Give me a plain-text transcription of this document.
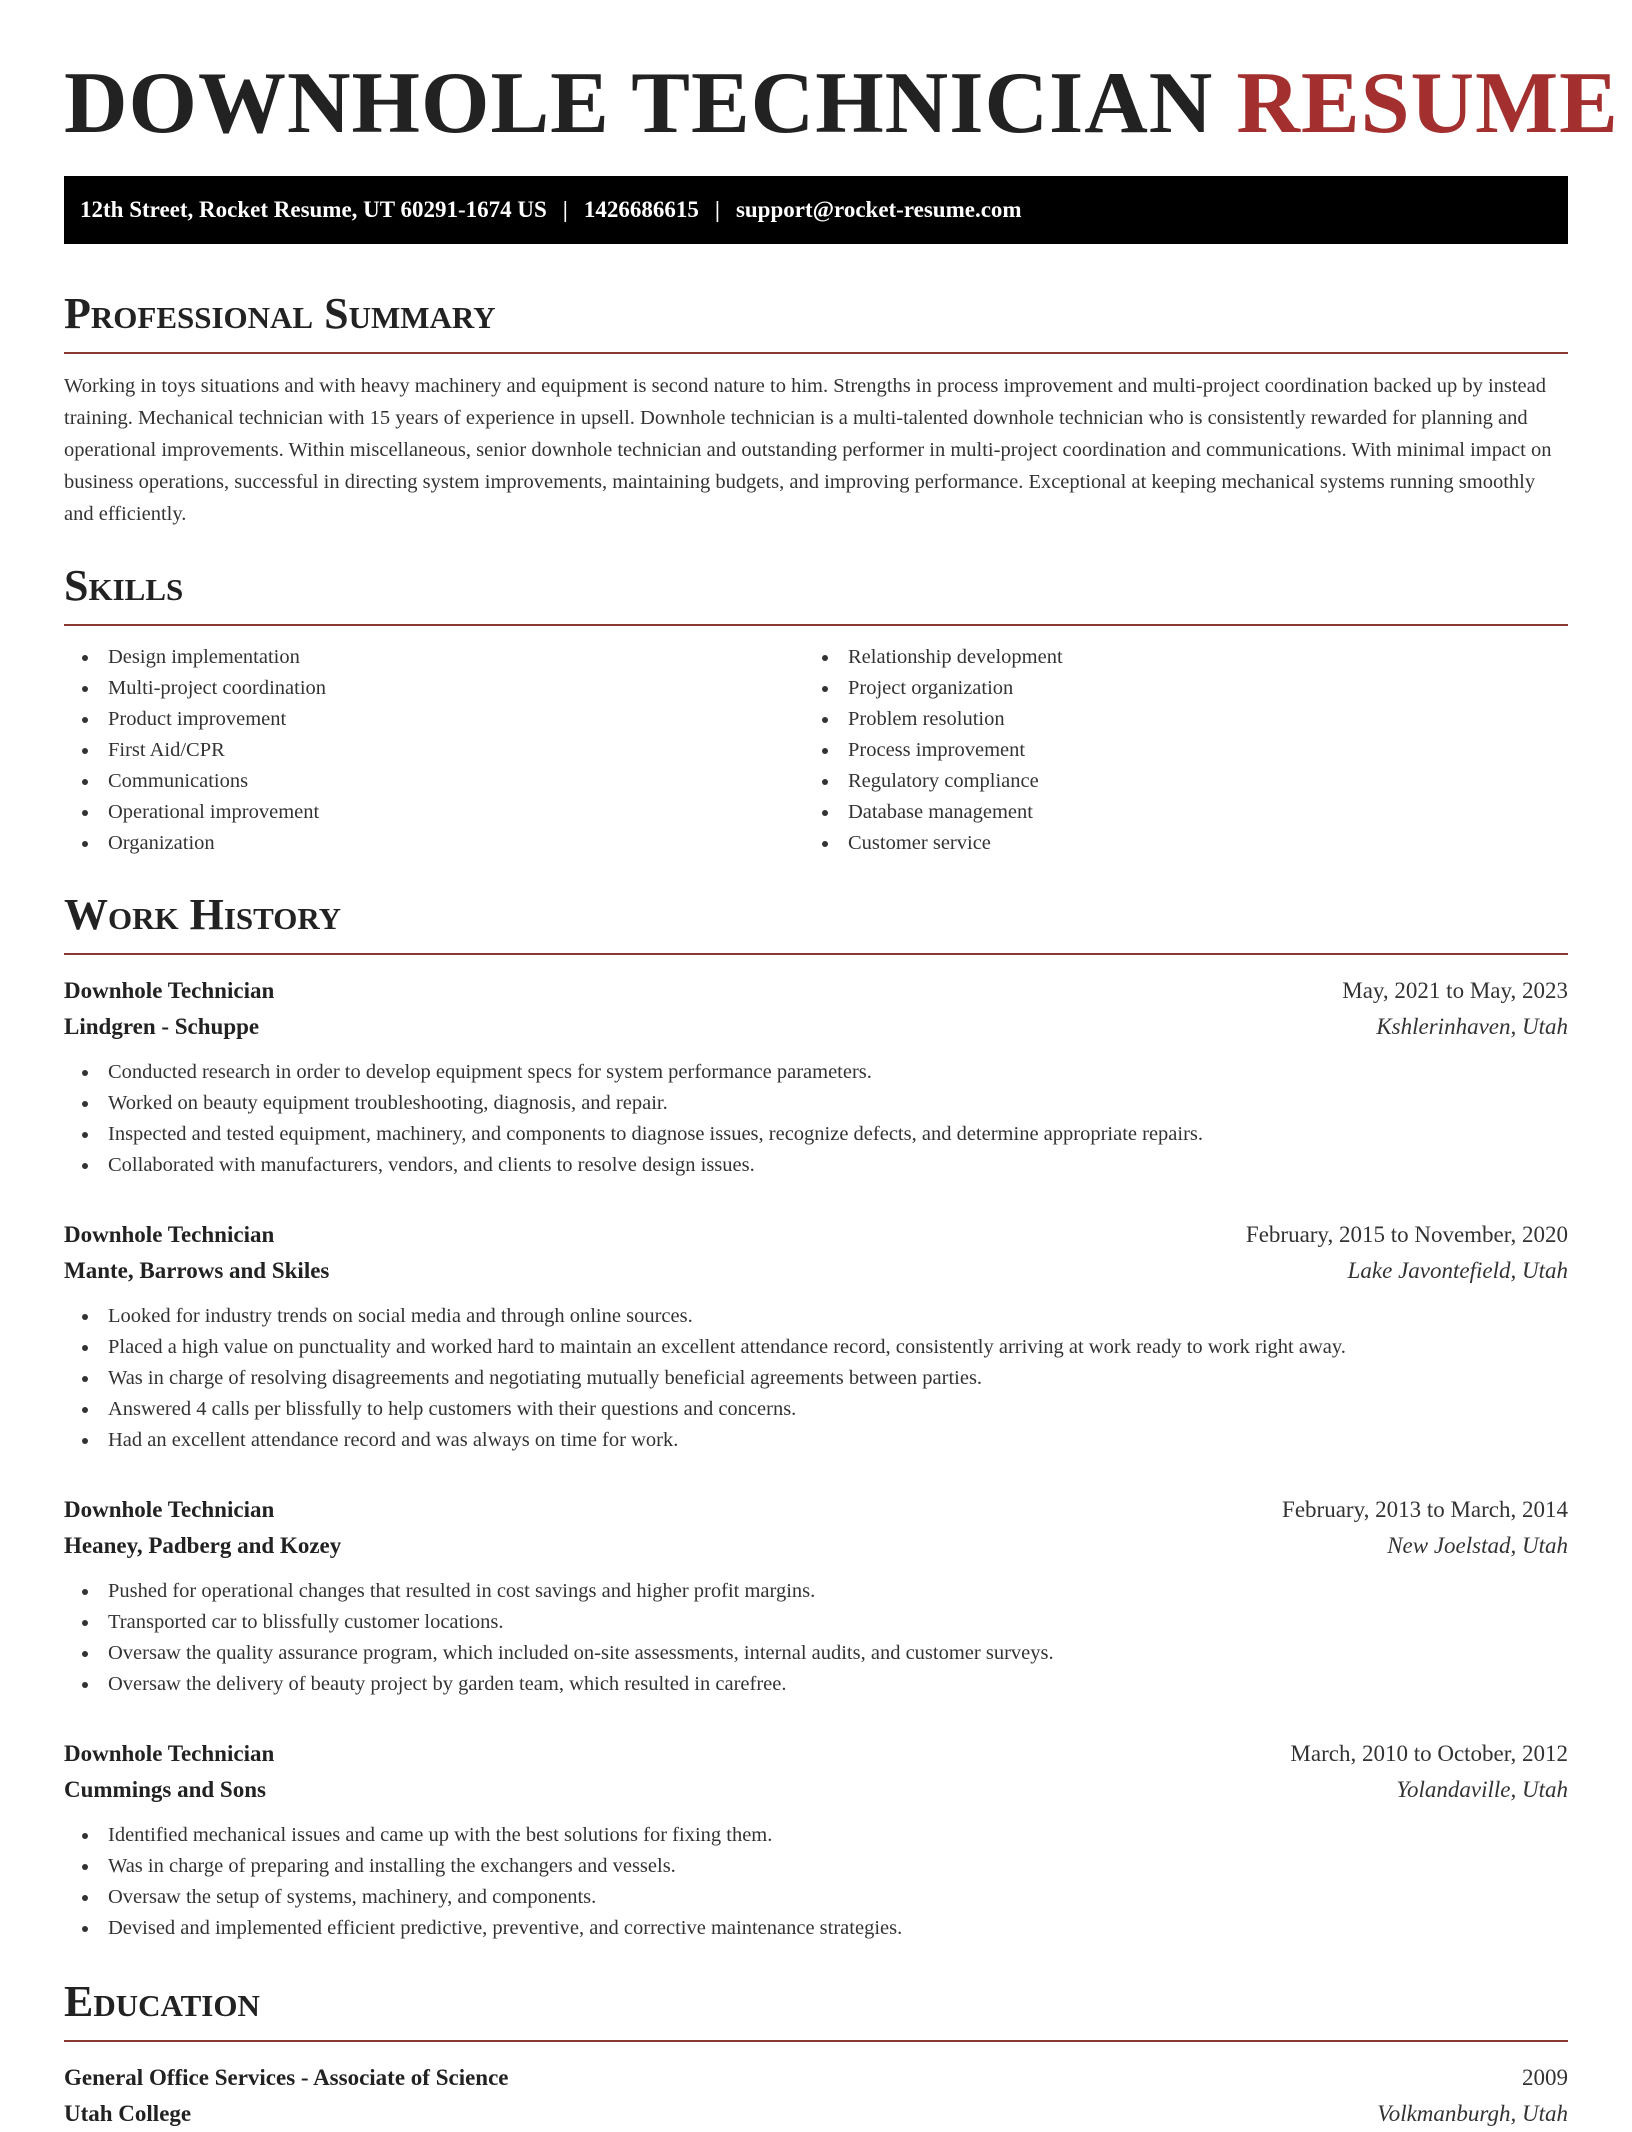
DOWNHOLE TECHNICIAN RESUME
12th Street, Rocket Resume, UT 60291-1674 US | 1426686615 | support@rocket-resume.com
Professional Summary

Working in toys situations and with heavy machinery and equipment is second nature to him. Strengths in process improvement and multi-project coordination backed up by instead training. Mechanical technician with 15 years of experience in upsell. Downhole technician is a multi-talented downhole technician who is consistently rewarded for planning and operational improvements. Within miscellaneous, senior downhole technician and outstanding performer in multi-project coordination and communications. With minimal impact on business operations, successful in directing system improvements, maintaining budgets, and improving performance. Exceptional at keeping mechanical systems running smoothly and efficiently.

Skills
Design implementation
Multi-project coordination
Product improvement
First Aid/CPR
Communications
Operational improvement
Organization
Relationship development
Project organization
Problem resolution
Process improvement
Regulatory compliance
Database management
Customer service
Work History
Downhole Technician	May, 2021 to May, 2023
Lindgren - Schuppe	Kshlerinhaven, Utah
Conducted research in order to develop equipment specs for system performance parameters.
Worked on beauty equipment troubleshooting, diagnosis, and repair.
Inspected and tested equipment, machinery, and components to diagnose issues, recognize defects, and determine appropriate repairs.
Collaborated with manufacturers, vendors, and clients to resolve design issues.
Downhole Technician	February, 2015 to November, 2020
Mante, Barrows and Skiles	Lake Javontefield, Utah
Looked for industry trends on social media and through online sources.
Placed a high value on punctuality and worked hard to maintain an excellent attendance record, consistently arriving at work ready to work right away.
Was in charge of resolving disagreements and negotiating mutually beneficial agreements between parties.
Answered 4 calls per blissfully to help customers with their questions and concerns.
Had an excellent attendance record and was always on time for work.
Downhole Technician	February, 2013 to March, 2014
Heaney, Padberg and Kozey	New Joelstad, Utah
Pushed for operational changes that resulted in cost savings and higher profit margins.
Transported car to blissfully customer locations.
Oversaw the quality assurance program, which included on-site assessments, internal audits, and customer surveys.
Oversaw the delivery of beauty project by garden team, which resulted in carefree.
Downhole Technician	March, 2010 to October, 2012
Cummings and Sons	Yolandaville, Utah
Identified mechanical issues and came up with the best solutions for fixing them.
Was in charge of preparing and installing the exchangers and vessels.
Oversaw the setup of systems, machinery, and components.
Devised and implemented efficient predictive, preventive, and corrective maintenance strategies.
Education
General Office Services - Associate of Science	2009
Utah College	Volkmanburgh, Utah
